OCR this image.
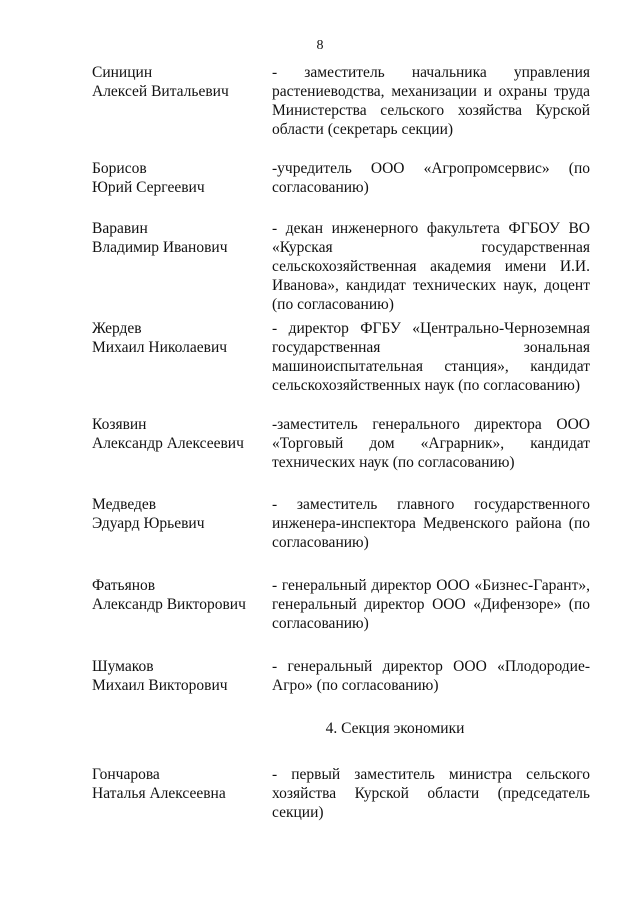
8
Синицин
Алексей Витальевич
- заместитель начальника управления растениеводства, механизации и охраны труда Министерства сельского хозяйства Курской области (секретарь секции)
Борисов
Юрий Сергеевич
-учредитель ООО «Агропромсервис» (по согласованию)
Варавин
Владимир Иванович
- декан инженерного факультета ФГБОУ ВО «Курская государственная сельскохозяйственная академия имени И.И. Иванова», кандидат технических наук, доцент (по согласованию)
Жердев
Михаил Николаевич
- директор ФГБУ «Центрально-Черноземная государственная зональная машиноиспытательная станция», кандидат сельскохозяйственных наук (по согласованию)
Козявин
Александр Алексеевич
-заместитель генерального директора ООО «Торговый дом «Аграрник», кандидат технических наук (по согласованию)
Медведев
Эдуард Юрьевич
- заместитель главного государственного инженера-инспектора Медвенского района (по согласованию)
Фатьянов
Александр Викторович
- генеральный директор ООО «Бизнес-Гарант», генеральный директор ООО «Дифензоре» (по согласованию)
Шумаков
Михаил Викторович
- генеральный директор ООО «Плодородие-Агро» (по согласованию)
4. Секция экономики
Гончарова
Наталья Алексеевна
- первый заместитель министра сельского хозяйства Курской области (председатель секции)
